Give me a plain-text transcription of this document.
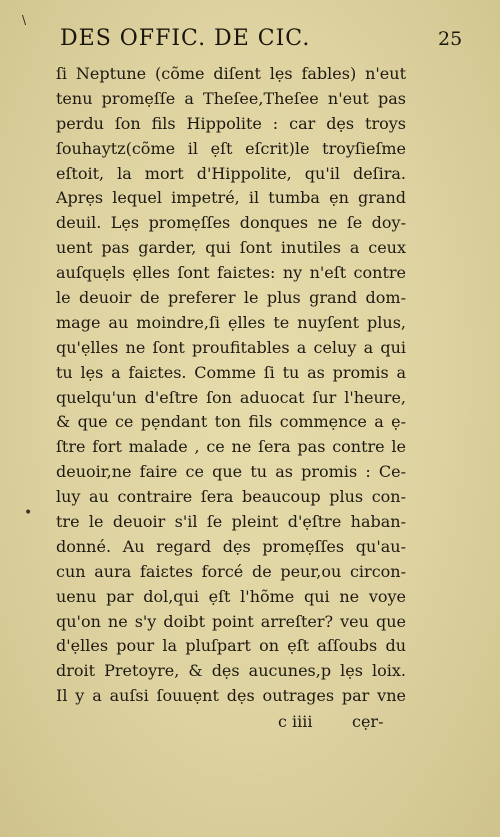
\
DES OFFIC. DE CIC.	25
ſi Neptune (cõme diſent lẹs fables) n'eut
tenu promẹſſe a Theſee,Theſee n'eut pas
perdu ſon fils Hippolite : car dẹs troys
ſouhaytz(cõme il ẹſt eſcrit)le troyſieſme
eſtoit, la mort d'Hippolite, qu'il deſira.
Aprẹs lequel impetré, il tumba ẹn grand
deuil. Lẹs promẹſſes donques ne ſe doy-
uent pas garder, qui ſont inutiles a ceux
auſquẹls ẹlles ſont faiɛtes: ny n'eſt contre
le deuoir de preferer le plus grand dom-
mage au moindre,ſi ẹlles te nuyſent plus,
qu'ẹlles ne ſont proufitables a celuy a qui
tu lẹs a faiɛtes. Comme ſi tu as promis a
quelqu'un d'eſtre ſon aduocat ſur l'heure,
& que ce pẹndant ton fils commẹnce a ẹ-
ſtre fort malade , ce ne ſera pas contre le
deuoir,ne faire ce que tu as promis : Ce-
luy au contraire ſera beaucoup plus con-
tre le deuoir s'il ſe pleint d'ẹſtre haban-
donné. Au regard dẹs promẹſſes qu'au-
cun aura faiɛtes forcé de peur,ou circon-
uenu par dol,qui ẹſt l'hõme qui ne voye
qu'on ne s'y doibt point arreſter? veu que
d'ẹlles pour la pluſpart on ẹſt aſſoubs du
droit Pretoyre, & dẹs aucunes,p lẹs loix.
Il y a auſsi ſouuẹnt dẹs outrages par vne
•
c iiii cẹr-
